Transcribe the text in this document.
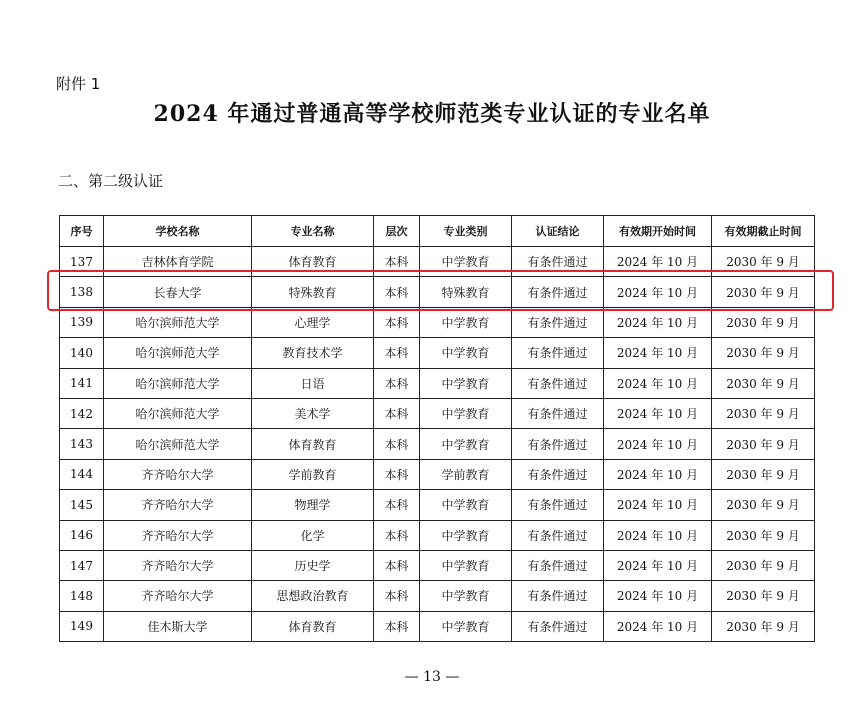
附件 1
2024 年通过普通高等学校师范类专业认证的专业名单
二、第二级认证
序号	学校名称	专业名称	层次	专业类别	认证结论	有效期开始时间	有效期截止时间
137	吉林体育学院	体育教育	本科	中学教育	有条件通过	2024 年 10 月	2030 年 9 月
138	长春大学	特殊教育	本科	特殊教育	有条件通过	2024 年 10 月	2030 年 9 月
139	哈尔滨师范大学	心理学	本科	中学教育	有条件通过	2024 年 10 月	2030 年 9 月
140	哈尔滨师范大学	教育技术学	本科	中学教育	有条件通过	2024 年 10 月	2030 年 9 月
141	哈尔滨师范大学	日语	本科	中学教育	有条件通过	2024 年 10 月	2030 年 9 月
142	哈尔滨师范大学	美术学	本科	中学教育	有条件通过	2024 年 10 月	2030 年 9 月
143	哈尔滨师范大学	体育教育	本科	中学教育	有条件通过	2024 年 10 月	2030 年 9 月
144	齐齐哈尔大学	学前教育	本科	学前教育	有条件通过	2024 年 10 月	2030 年 9 月
145	齐齐哈尔大学	物理学	本科	中学教育	有条件通过	2024 年 10 月	2030 年 9 月
146	齐齐哈尔大学	化学	本科	中学教育	有条件通过	2024 年 10 月	2030 年 9 月
147	齐齐哈尔大学	历史学	本科	中学教育	有条件通过	2024 年 10 月	2030 年 9 月
148	齐齐哈尔大学	思想政治教育	本科	中学教育	有条件通过	2024 年 10 月	2030 年 9 月
149	佳木斯大学	体育教育	本科	中学教育	有条件通过	2024 年 10 月	2030 年 9 月
— 13 —
